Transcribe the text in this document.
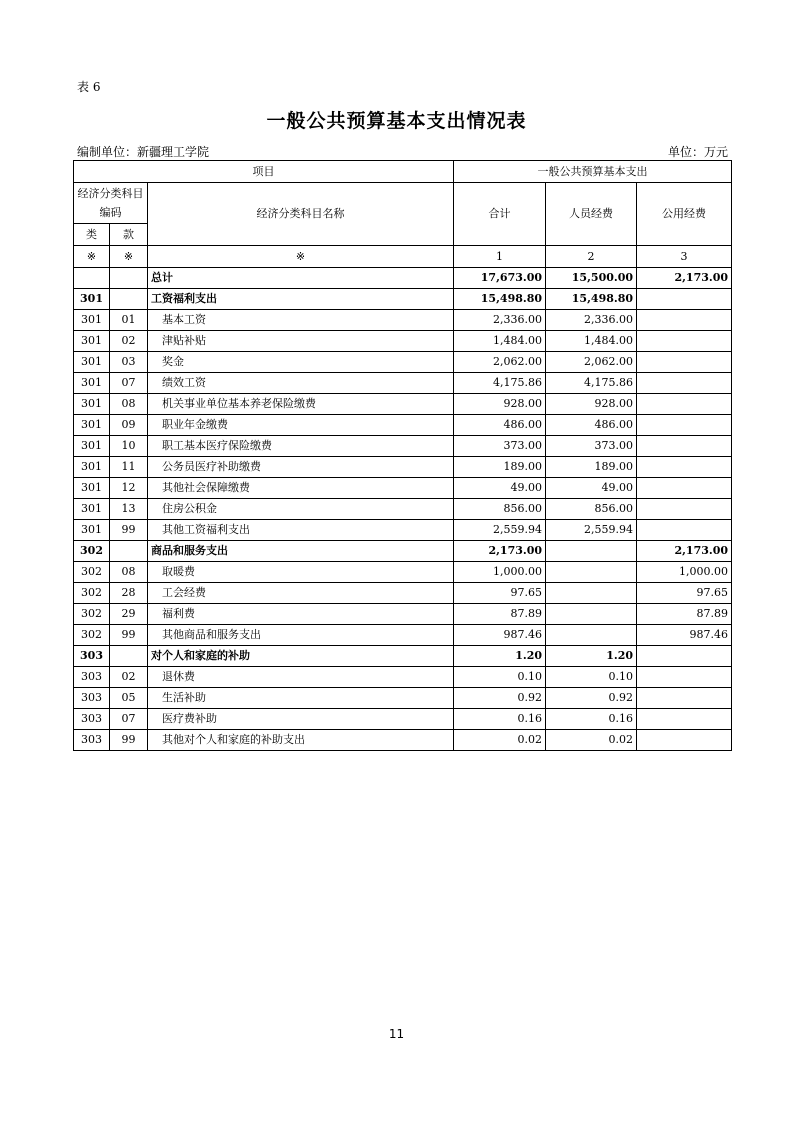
表 6
一般公共预算基本支出情况表
编制单位：新疆理工学院	单位：万元
项目			一般公共预算基本支出		
经济分类科目编码		经济分类科目名称	合计	人员经费	公用经费
类	款				
※	※	※	1	2	3
		总计	17,673.00	15,500.00	2,173.00
301		工资福利支出	15,498.80	15,498.80	
301	01	基本工资	2,336.00	2,336.00	
301	02	津贴补贴	1,484.00	1,484.00	
301	03	奖金	2,062.00	2,062.00	
301	07	绩效工资	4,175.86	4,175.86	
301	08	机关事业单位基本养老保险缴费	928.00	928.00	
301	09	职业年金缴费	486.00	486.00	
301	10	职工基本医疗保险缴费	373.00	373.00	
301	11	公务员医疗补助缴费	189.00	189.00	
301	12	其他社会保障缴费	49.00	49.00	
301	13	住房公积金	856.00	856.00	
301	99	其他工资福利支出	2,559.94	2,559.94	
302		商品和服务支出	2,173.00		2,173.00
302	08	取暖费	1,000.00		1,000.00
302	28	工会经费	97.65		97.65
302	29	福利费	87.89		87.89
302	99	其他商品和服务支出	987.46		987.46
303		对个人和家庭的补助	1.20	1.20	
303	02	退休费	0.10	0.10	
303	05	生活补助	0.92	0.92	
303	07	医疗费补助	0.16	0.16	
303	99	其他对个人和家庭的补助支出	0.02	0.02	
11
